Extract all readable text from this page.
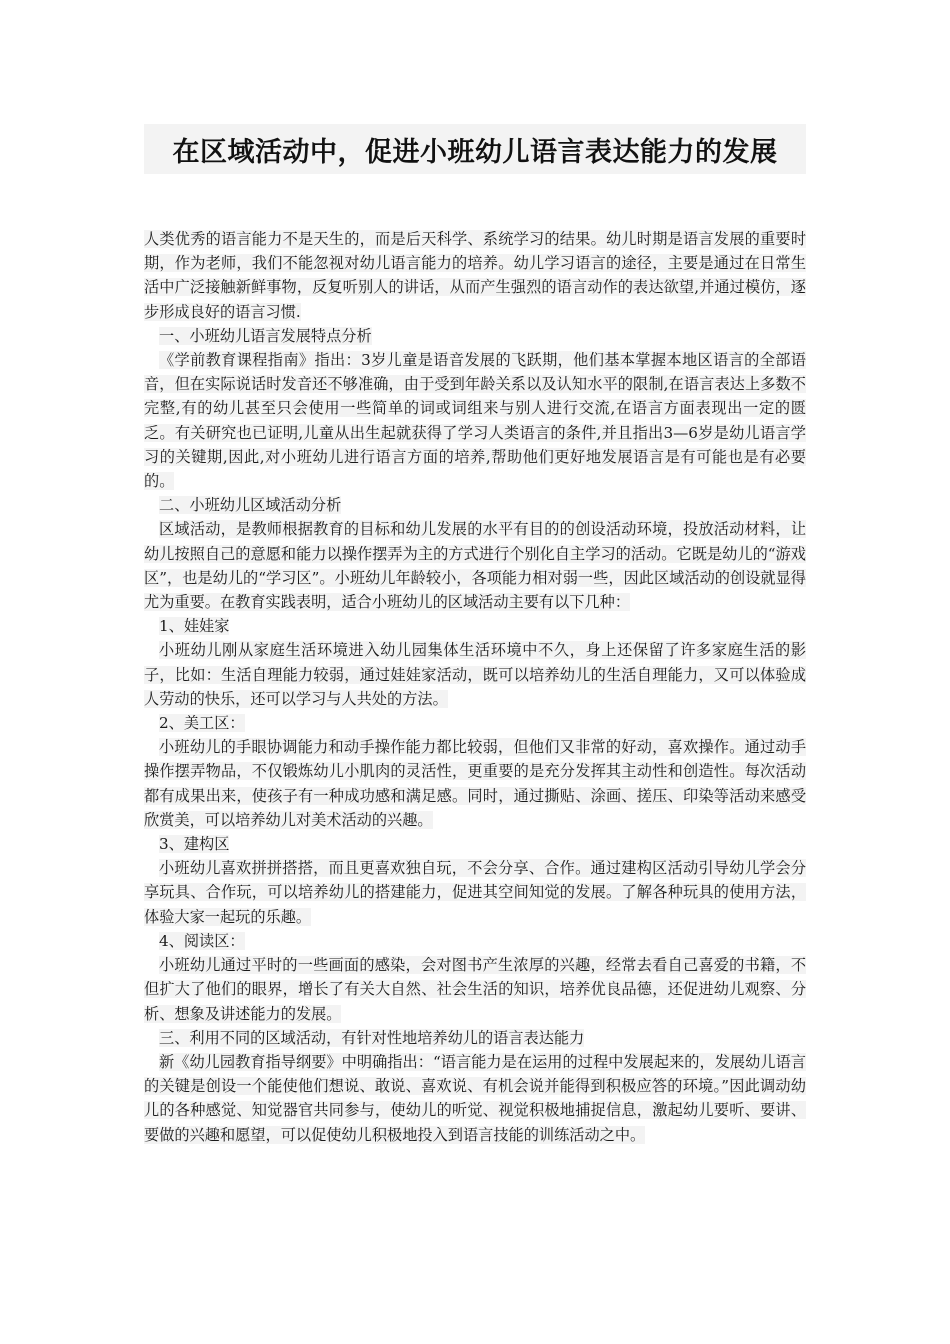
在区域活动中，促进小班幼儿语言表达能力的发展

人类优秀的语言能力不是天生的，而是后天科学、系统学习的结果。幼儿时期是语言发展的重要时期，作为老师，我们不能忽视对幼儿语言能力的培养。幼儿学习语言的途径，主要是通过在日常生活中广泛接触新鲜事物，反复听别人的讲话，从而产生强烈的语言动作的表达欲望,并通过模仿，逐步形成良好的语言习惯.

一、小班幼儿语言发展特点分析

《学前教育课程指南》指出：3岁儿童是语音发展的飞跃期，他们基本掌握本地区语言的全部语音，但在实际说话时发音还不够准确，由于受到年龄关系以及认知水平的限制,在语言表达上多数不完整,有的幼儿甚至只会使用一些简单的词或词组来与别人进行交流,在语言方面表现出一定的匮乏。有关研究也已证明,儿童从出生起就获得了学习人类语言的条件,并且指出3—6岁是幼儿语言学习的关键期,因此,对小班幼儿进行语言方面的培养,帮助他们更好地发展语言是有可能也是有必要的。

二、小班幼儿区域活动分析

区域活动，是教师根据教育的目标和幼儿发展的水平有目的的创设活动环境，投放活动材料，让幼儿按照自己的意愿和能力以操作摆弄为主的方式进行个别化自主学习的活动。它既是幼儿的“游戏区”，也是幼儿的“学习区”。小班幼儿年龄较小，各项能力相对弱一些，因此区域活动的创设就显得尤为重要。在教育实践表明，适合小班幼儿的区域活动主要有以下几种：

1、娃娃家

小班幼儿刚从家庭生活环境进入幼儿园集体生活环境中不久，身上还保留了许多家庭生活的影子，比如：生活自理能力较弱，通过娃娃家活动，既可以培养幼儿的生活自理能力，又可以体验成人劳动的快乐，还可以学习与人共处的方法。

2、美工区：

小班幼儿的手眼协调能力和动手操作能力都比较弱，但他们又非常的好动，喜欢操作。通过动手操作摆弄物品，不仅锻炼幼儿小肌肉的灵活性，更重要的是充分发挥其主动性和创造性。每次活动都有成果出来，使孩子有一种成功感和满足感。同时，通过撕贴、涂画、搓压、印染等活动来感受欣赏美，可以培养幼儿对美术活动的兴趣。

3、建构区

小班幼儿喜欢拼拼搭搭，而且更喜欢独自玩，不会分享、合作。通过建构区活动引导幼儿学会分享玩具、合作玩，可以培养幼儿的搭建能力，促进其空间知觉的发展。了解各种玩具的使用方法，体验大家一起玩的乐趣。

4、阅读区：

小班幼儿通过平时的一些画面的感染，会对图书产生浓厚的兴趣，经常去看自己喜爱的书籍，不但扩大了他们的眼界，增长了有关大自然、社会生活的知识，培养优良品德，还促进幼儿观察、分析、想象及讲述能力的发展。

三、利用不同的区域活动，有针对性地培养幼儿的语言表达能力

新《幼儿园教育指导纲要》中明确指出：“语言能力是在运用的过程中发展起来的，发展幼儿语言的关键是创设一个能使他们想说、敢说、喜欢说、有机会说并能得到积极应答的环境。”因此调动幼儿的各种感觉、知觉器官共同参与，使幼儿的听觉、视觉积极地捕捉信息，激起幼儿要听、要讲、要做的兴趣和愿望，可以促使幼儿积极地投入到语言技能的训练活动之中。
